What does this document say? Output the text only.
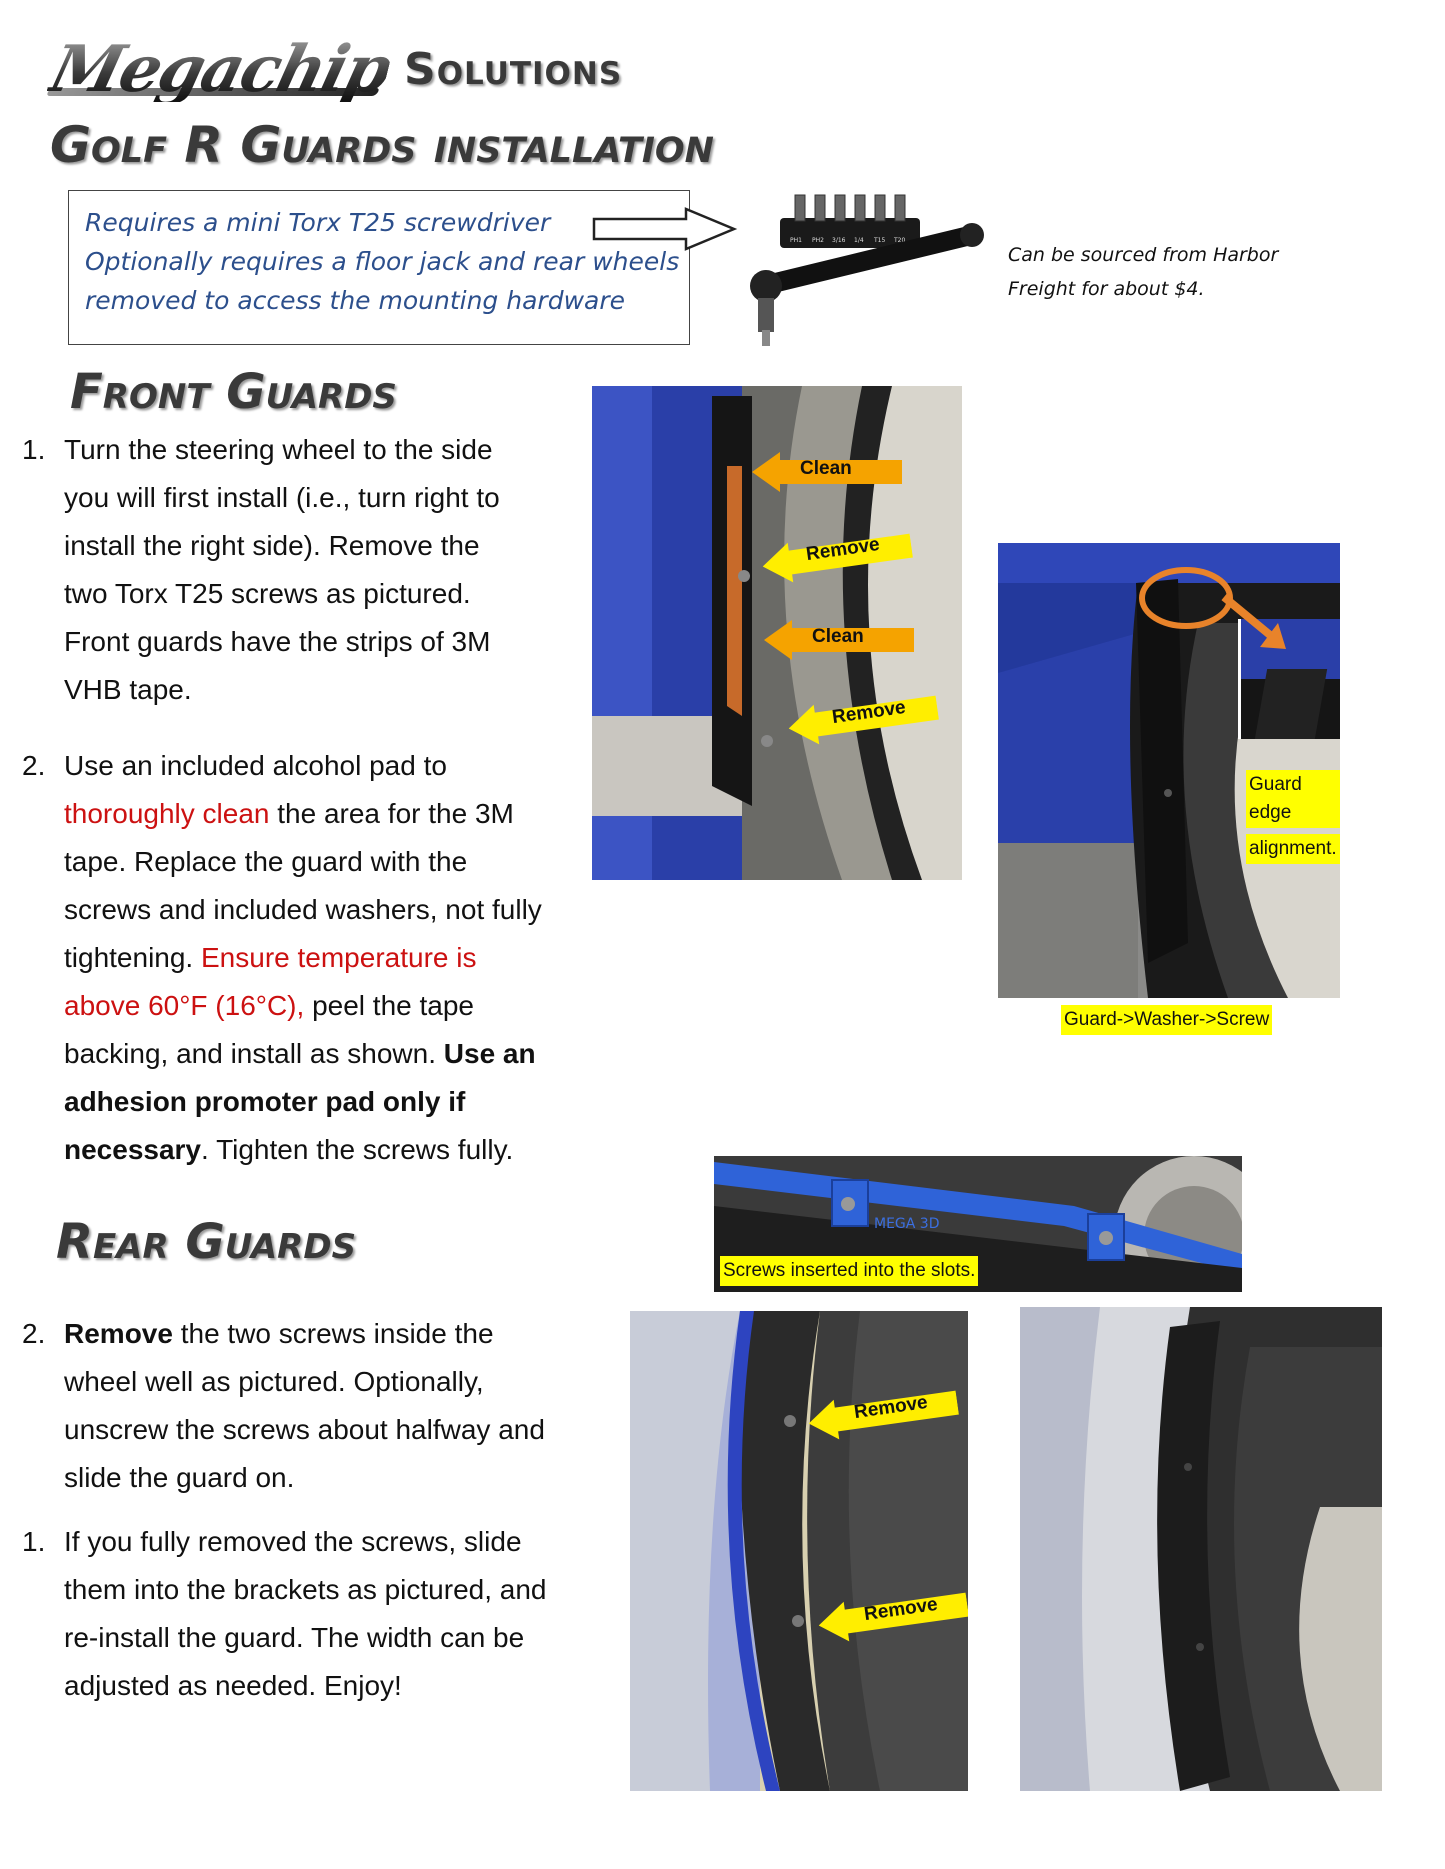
Megachip Solutions
Golf R Guards installation
Requires a mini Torx T25 screwdriver
Optionally requires a floor jack and rear wheels
removed to access the mounting hardware
PH1 PH2 3/16 1/4 T15 T20
Can be sourced from Harbor
Freight for about $4.
Front Guards
1. Turn the steering wheel to the side
you will first install (i.e., turn right to
install the right side). Remove the
two Torx T25 screws as pictured.
Front guards have the strips of 3M
VHB tape.
2. Use an included alcohol pad to
thoroughly clean the area for the 3M
tape. Replace the guard with the
screws and included washers, not fully
tightening. Ensure temperature is
above 60°F (16°C), peel the tape
backing, and install as shown. Use an
adhesion promoter pad only if
necessary. Tighten the screws fully.
Clean
Remove
Clean
Remove
Guard edge
alignment.
Guard->Washer->Screw
Rear Guards
2. Remove the two screws inside the
wheel well as pictured. Optionally,
unscrew the screws about halfway and
slide the guard on.
1. If you fully removed the screws, slide
them into the brackets as pictured, and
re-install the guard. The width can be
adjusted as needed. Enjoy!
MEGA 3D
Screws inserted into the slots.
Remove
Remove
